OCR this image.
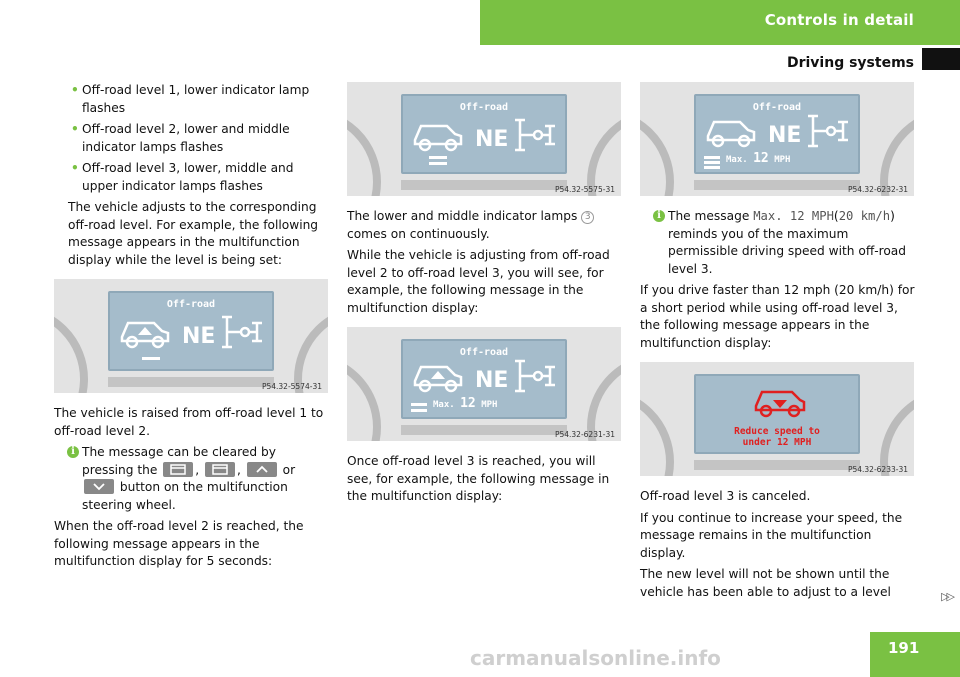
Controls in detail
Driving systems
• Off-road level 1, lower indicator lamp flashes
• Off-road level 2, lower and middle indicator lamps flashes
• Off-road level 3, lower, middle and upper indicator lamps flashes

The vehicle adjusts to the corresponding off-road level. For example, the following message appears in the multifunction display while the level is being set:

Off-road
NE
P54.32-5574-31

The vehicle is raised from off-road level 1 to off-road level 2.

i The message can be cleared by pressing the	,	,	or
button on the multifunction steering wheel.

When the off-road level 2 is reached, the following message appears in the multifunction display for 5 seconds:

Off-road
NE
P54.32-5575-31

The lower and middle indicator lamps 3 comes on continuously.

While the vehicle is adjusting from off-road level 2 to off-road level 3, you will see, for example, the following message in the multifunction display:

Off-road
NE
Max. 12 MPH
P54.32-6231-31

Once off-road level 3 is reached, you will see, for example, the following message in the multifunction display:

Off-road
NE
Max. 12 MPH
P54.32-6232-31
i The message Max. 12 MPH(20 km/h) reminds you of the maximum permissible driving speed with off-road level 3.

If you drive faster than 12 mph (20 km/h) for a short period while using off-road level 3, the following message appears in the multifunction display:

Reduce speed to
under 12 MPH
P54.32-6233-31

Off-road level 3 is canceled.

If you continue to increase your speed, the message remains in the multifunction display.

The new level will not be shown until the vehicle has been able to adjust to a level	▷▷
carmanualsonline.info	191
